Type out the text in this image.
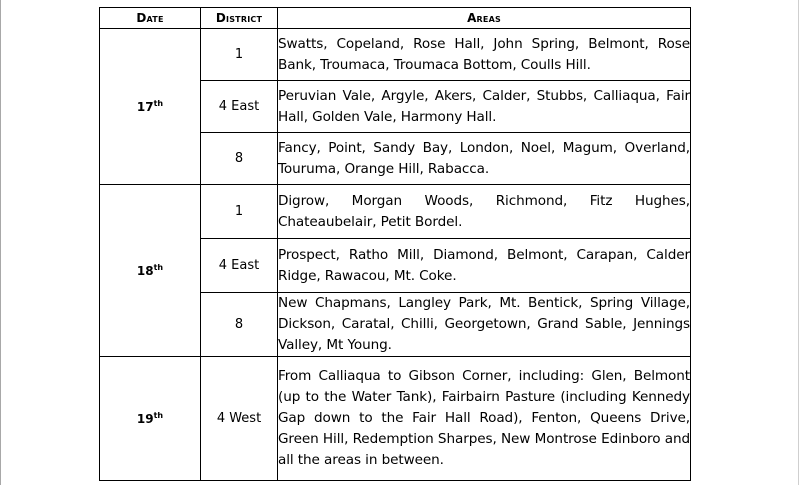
Date	District	Areas
17th	1	Swatts, Copeland, Rose Hall, John Spring, Belmont, Rose Bank, Troumaca, Troumaca Bottom, Coulls Hill.

	4 East	Peruvian Vale, Argyle, Akers, Calder, Stubbs, Calliaqua, Fair Hall, Golden Vale, Harmony Hall.

	8	Fancy, Point, Sandy Bay, London, Noel, Magum, Overland, Touruma, Orange Hill, Rabacca.

18th	1	Digrow, Morgan Woods, Richmond, Fitz Hughes, Chateaubelair, Petit Bordel.

	4 East	Prospect, Ratho Mill, Diamond, Belmont, Carapan, Calder Ridge, Rawacou, Mt. Coke.

	8	New Chapmans, Langley Park, Mt. Bentick, Spring Village, Dickson, Caratal, Chilli, Georgetown, Grand Sable, Jennings Valley, Mt Young.

19th	4 West	From Calliaqua to Gibson Corner, including: Glen, Belmont (up to the Water Tank), Fairbairn Pasture (including Kennedy Gap down to the Fair Hall Road), Fenton, Queens Drive, Green Hill, Redemption Sharpes, New Montrose Edinboro and all the areas in between.
